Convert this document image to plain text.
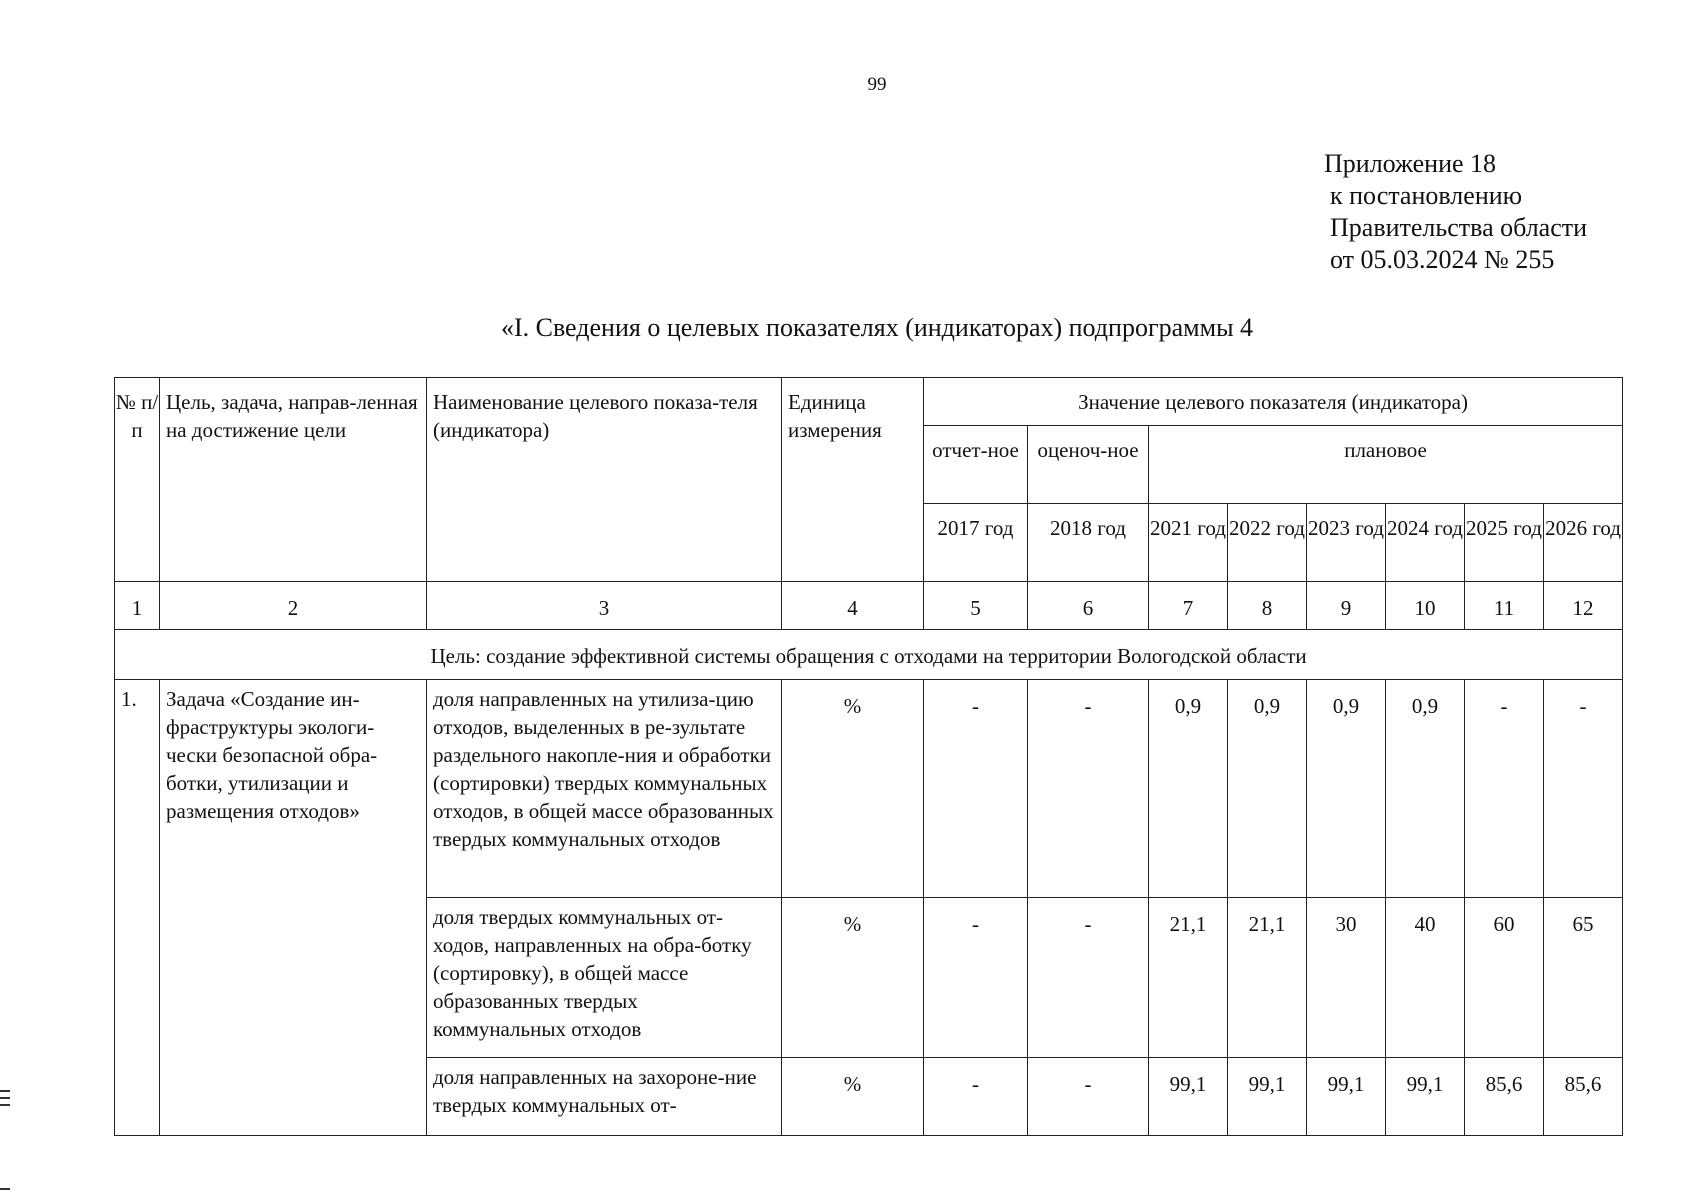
99
Приложение 18
к постановлению
Правительства области
от 05.03.2024 № 255
«I. Сведения о целевых показателях (индикаторах) подпрограммы 4
№ п/ п	Цель, задача, направ-ленная на достижение цели	Наименование целевого показа-теля (индикатора)	Единица измерения	Значение целевого показателя (индикатора)							
				отчет-ное	оценоч-ное	плановое					
				2017 год	2018 год	2021 год	2022 год	2023 год	2024 год	2025 год	2026 год
1	2	3	4	5	6	7	8	9	10	11	12
Цель: создание эффективной системы обращения с отходами на территории Вологодской области											
1.	Задача «Создание ин-фраструктуры экологи-чески безопасной обра-ботки, утилизации и размещения отходов»	доля направленных на утилиза-цию отходов, выделенных в ре-зультате раздельного накопле-ния и обработки (сортировки) твердых коммунальных отходов, в общей массе образованных твердых коммунальных отходов	%	-	-	0,9	0,9	0,9	0,9	-	-
		доля твердых коммунальных от-ходов, направленных на обра-ботку (сортировку), в общей массе образованных твердых коммунальных отходов	%	-	-	21,1	21,1	30	40	60	65
		доля направленных на захороне-ние твердых коммунальных от-	%	-	-	99,1	99,1	99,1	99,1	85,6	85,6
